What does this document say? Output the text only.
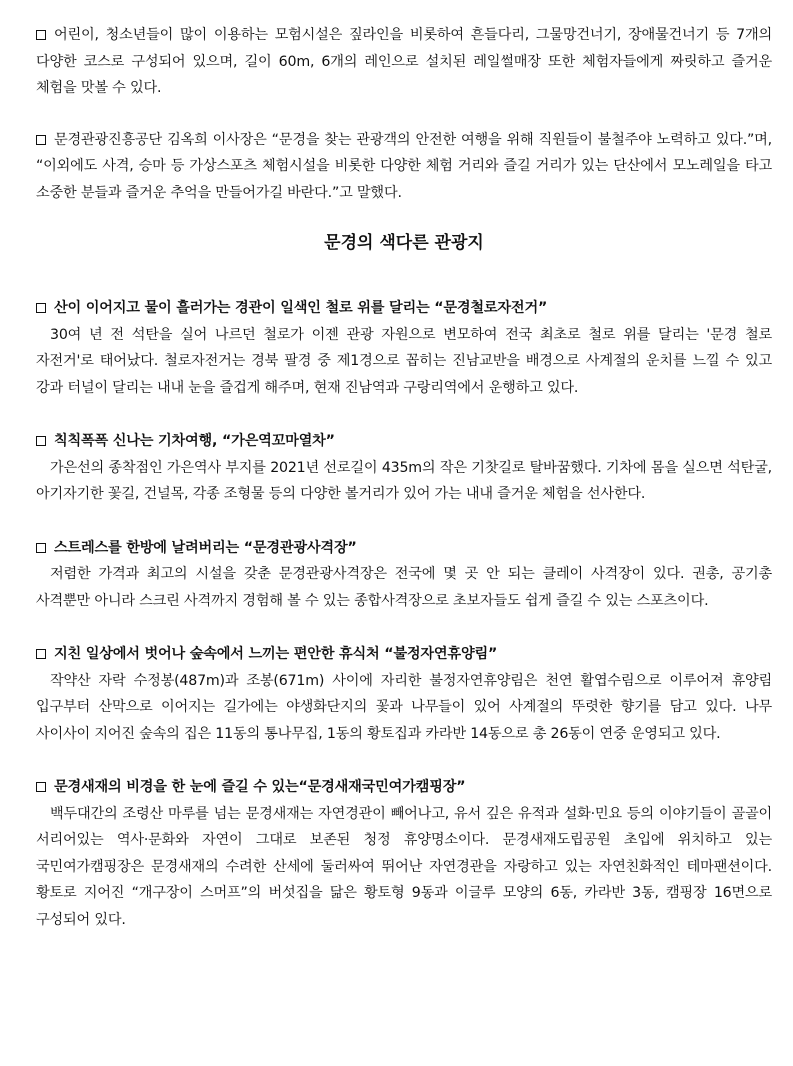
어린이, 청소년들이 많이 이용하는 모험시설은 짚라인을 비롯하여 흔들다리, 그물망건너기, 장애물건너기 등 7개의 다양한 코스로 구성되어 있으며, 길이 60m, 6개의 레인으로 설치된 레일썰매장 또한 체험자들에게 짜릿하고 즐거운 체험을 맛볼 수 있다.

문경관광진흥공단 김옥희 이사장은 “문경을 찾는 관광객의 안전한 여행을 위해 직원들이 불철주야 노력하고 있다.”며, “이외에도 사격, 승마 등 가상스포츠 체험시설을 비롯한 다양한 체험 거리와 즐길 거리가 있는 단산에서 모노레일을 타고 소중한 분들과 즐거운 추억을 만들어가길 바란다.”고 말했다.

문경의 색다른 관광지
산이 이어지고 물이 흘러가는 경관이 일색인 철로 위를 달리는 “문경철로자전거”

30여 년 전 석탄을 실어 나르던 철로가 이젠 관광 자원으로 변모하여 전국 최초로 철로 위를 달리는 '문경 철로 자전거'로 태어났다. 철로자전거는 경북 팔경 중 제1경으로 꼽히는 진남교반을 배경으로 사계절의 운치를 느낄 수 있고 강과 터널이 달리는 내내 눈을 즐겁게 해주며, 현재 진남역과 구랑리역에서 운행하고 있다.

칙칙폭폭 신나는 기차여행, “가은역꼬마열차”

가은선의 종착점인 가은역사 부지를 2021년 선로길이 435m의 작은 기찻길로 탈바꿈했다. 기차에 몸을 실으면 석탄굴, 아기자기한 꽃길, 건널목, 각종 조형물 등의 다양한 볼거리가 있어 가는 내내 즐거운 체험을 선사한다.

스트레스를 한방에 날려버리는 “문경관광사격장”

저렴한 가격과 최고의 시설을 갖춘 문경관광사격장은 전국에 몇 곳 안 되는 클레이 사격장이 있다. 권총, 공기총 사격뿐만 아니라 스크린 사격까지 경험해 볼 수 있는 종합사격장으로 초보자들도 쉽게 즐길 수 있는 스포츠이다.

지친 일상에서 벗어나 숲속에서 느끼는 편안한 휴식처 “불정자연휴양림”

작약산 자락 수정봉(487m)과 조봉(671m) 사이에 자리한 불정자연휴양림은 천연 활엽수림으로 이루어져 휴양림 입구부터 산막으로 이어지는 길가에는 야생화단지의 꽃과 나무들이 있어 사계절의 뚜렷한 향기를 담고 있다. 나무 사이사이 지어진 숲속의 집은 11동의 통나무집, 1동의 황토집과 카라반 14동으로 총 26동이 연중 운영되고 있다.

문경새재의 비경을 한 눈에 즐길 수 있는“문경새재국민여가캠핑장”

백두대간의 조령산 마루를 넘는 문경새재는 자연경관이 빼어나고, 유서 깊은 유적과 설화·민요 등의 이야기들이 골골이 서리어있는 역사·문화와 자연이 그대로 보존된 청정 휴양명소이다. 문경새재도립공원 초입에 위치하고 있는 국민여가캠핑장은 문경새재의 수려한 산세에 둘러싸여 뛰어난 자연경관을 자랑하고 있는 자연친화적인 테마팬션이다. 황토로 지어진 “개구장이 스머프”의 버섯집을 닮은 황토형 9동과 이글루 모양의 6동, 카라반 3동, 캠핑장 16면으로 구성되어 있다.
